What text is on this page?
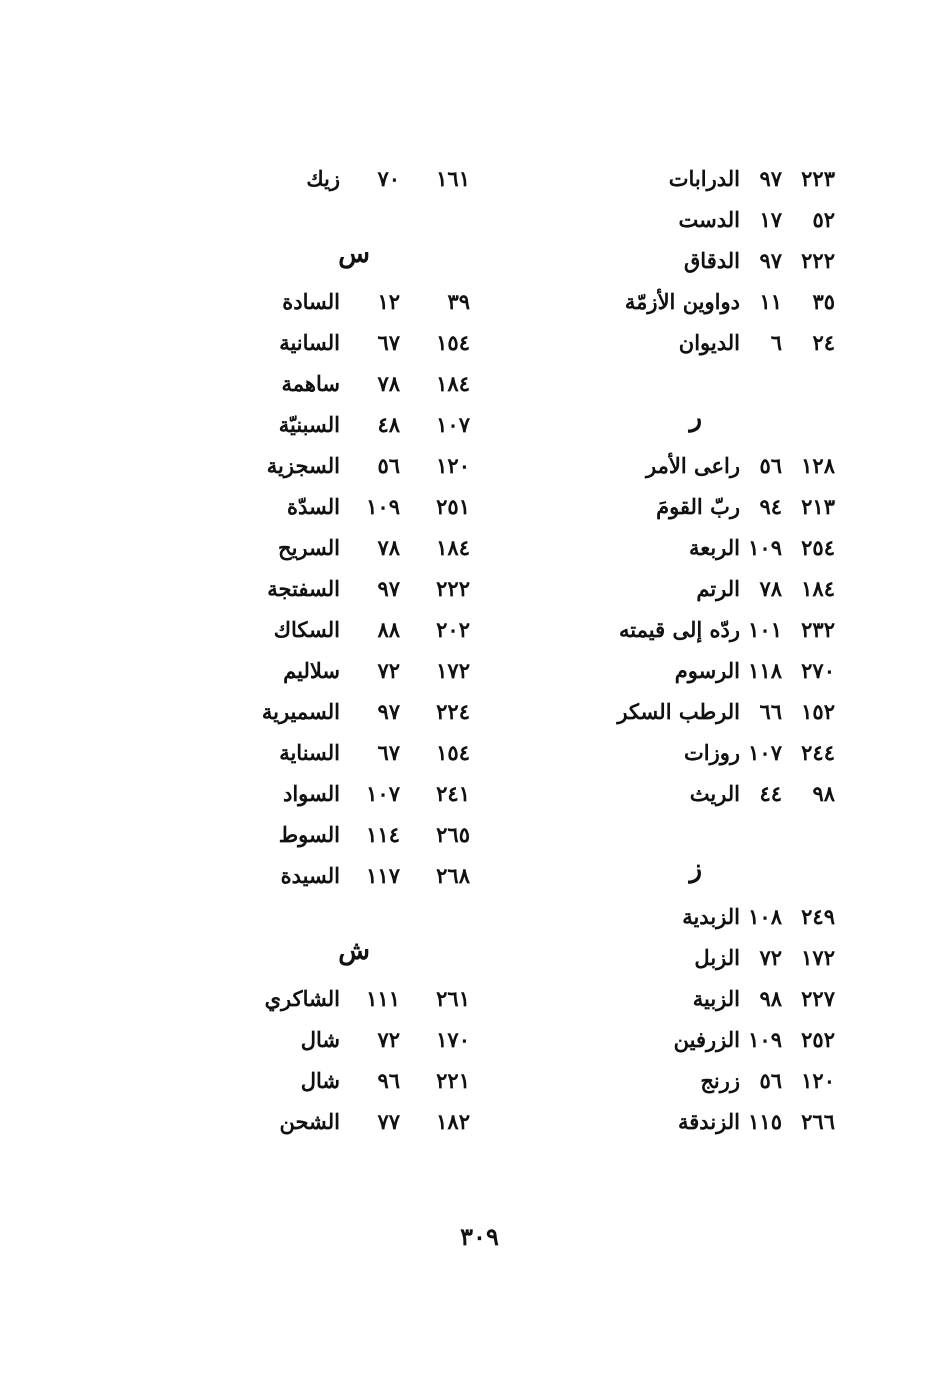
٢٢٣
٩٧
الدرابات
٥٢
١٧
الدست
٢٢٢
٩٧
الدقاق
٣٥
١١
دواوين الأزمّة
٢٤
٦
الديوان
ر
١٢٨
٥٦
راعى الأمر
٢١٣
٩٤
ربّ القومَ
٢٥٤
١٠٩
الربعة
١٨٤
٧٨
الرتم
٢٣٢
١٠١
ردّه إلى قيمته
٢٧٠
١١٨
الرسوم
١٥٢
٦٦
الرطب السكر
٢٤٤
١٠٧
روزات
٩٨
٤٤
الريث
ز
٢٤٩
١٠٨
الزبدية
١٧٢
٧٢
الزبل
٢٢٧
٩٨
الزبية
٢٥٢
١٠٩
الزرفين
١٢٠
٥٦
زرنج
٢٦٦
١١٥
الزندقة
١٦١
٧٠
زيك
س
٣٩
١٢
السادة
١٥٤
٦٧
السانية
١٨٤
٧٨
ساهمة
١٠٧
٤٨
السبنيّة
١٢٠
٥٦
السجزية
٢٥١
١٠٩
السدّة
١٨٤
٧٨
السريح
٢٢٢
٩٧
السفتجة
٢٠٢
٨٨
السكاك
١٧٢
٧٢
سلاليم
٢٢٤
٩٧
السميرية
١٥٤
٦٧
السناية
٢٤١
١٠٧
السواد
٢٦٥
١١٤
السوط
٢٦٨
١١٧
السيدة
ش
٢٦١
١١١
الشاكري
١٧٠
٧٢
شال
٢٢١
٩٦
شال
١٨٢
٧٧
الشحن
٣٠٩
